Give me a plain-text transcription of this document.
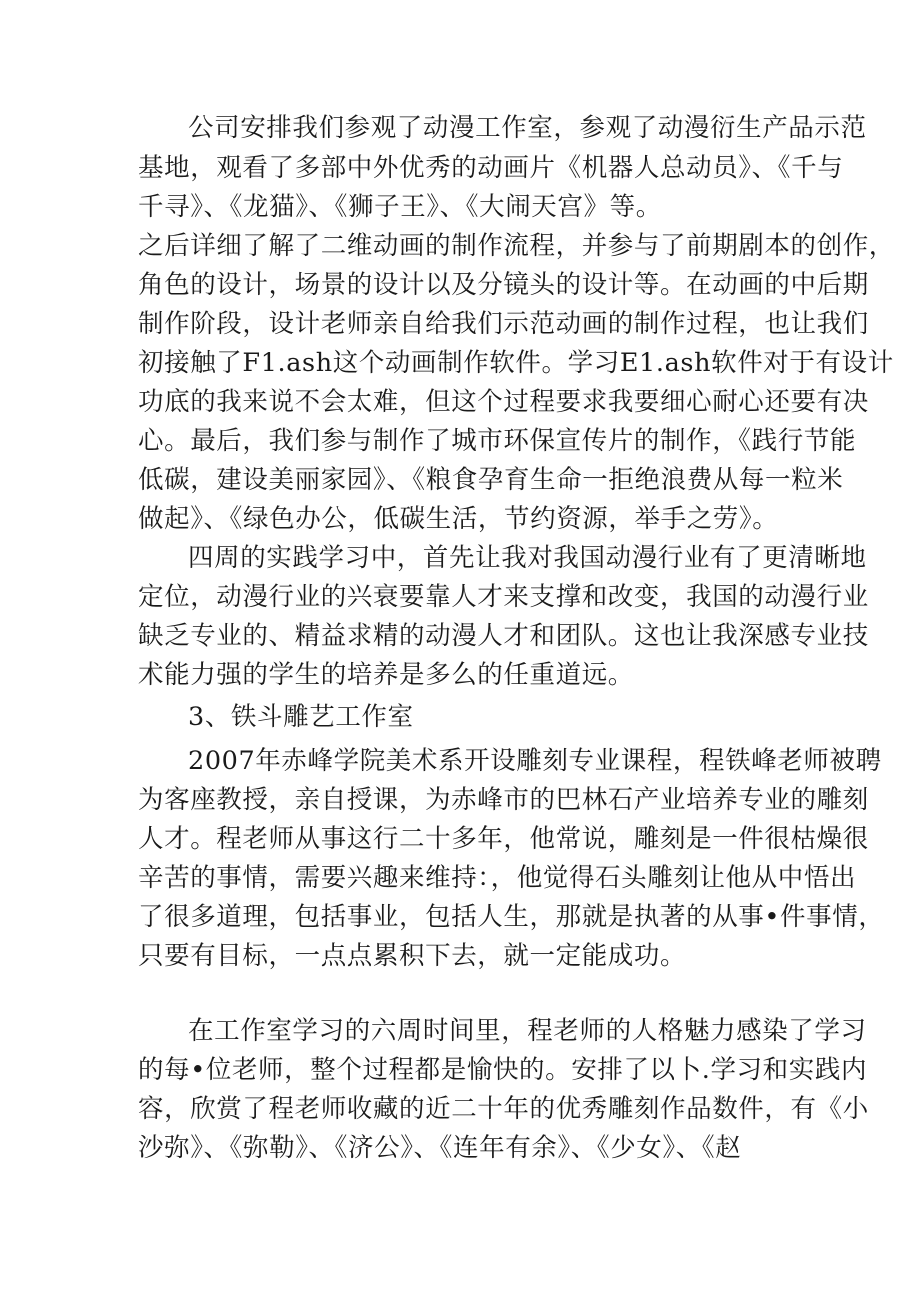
公司安排我们参观了动漫工作室，参观了动漫衍生产品示范
基地，观看了多部中外优秀的动画片《机器人总动员》、《千与
千寻》、《龙猫》、《狮子王》、《大闹天宫》等。
之后详细了解了二维动画的制作流程，并参与了前期剧本的创作，
角色的设计，场景的设计以及分镜头的设计等。在动画的中后期
制作阶段，设计老师亲自给我们示范动画的制作过程，也让我们
初接触了F1.ash这个动画制作软件。学习E1.ash软件对于有设计
功底的我来说不会太难，但这个过程要求我要细心耐心还要有决
心。最后，我们参与制作了城市环保宣传片的制作，《践行节能
低碳，建设美丽家园》、《粮食孕育生命一拒绝浪费从每一粒米
做起》、《绿色办公，低碳生活，节约资源，举手之劳》。
四周的实践学习中，首先让我对我国动漫行业有了更清晰地
定位，动漫行业的兴衰要靠人才来支撑和改变，我国的动漫行业
缺乏专业的、精益求精的动漫人才和团队。这也让我深感专业技
术能力强的学生的培养是多么的任重道远。
3、铁斗雕艺工作室
2007年赤峰学院美术系开设雕刻专业课程，程铁峰老师被聘
为客座教授，亲自授课，为赤峰市的巴林石产业培养专业的雕刻
人才。程老师从事这行二十多年，他常说，雕刻是一件很枯燥很
辛苦的事情，需要兴趣来维持：，他觉得石头雕刻让他从中悟出
了很多道理，包括事业，包括人生，那就是执著的从事•件事情，
只要有目标，一点点累积下去，就一定能成功。
在工作室学习的六周时间里，程老师的人格魅力感染了学习
的每•位老师，整个过程都是愉快的。安排了以卜.学习和实践内
容，欣赏了程老师收藏的近二十年的优秀雕刻作品数件，有《小
沙弥》、《弥勒》、《济公》、《连年有余》、《少女》、《赵
